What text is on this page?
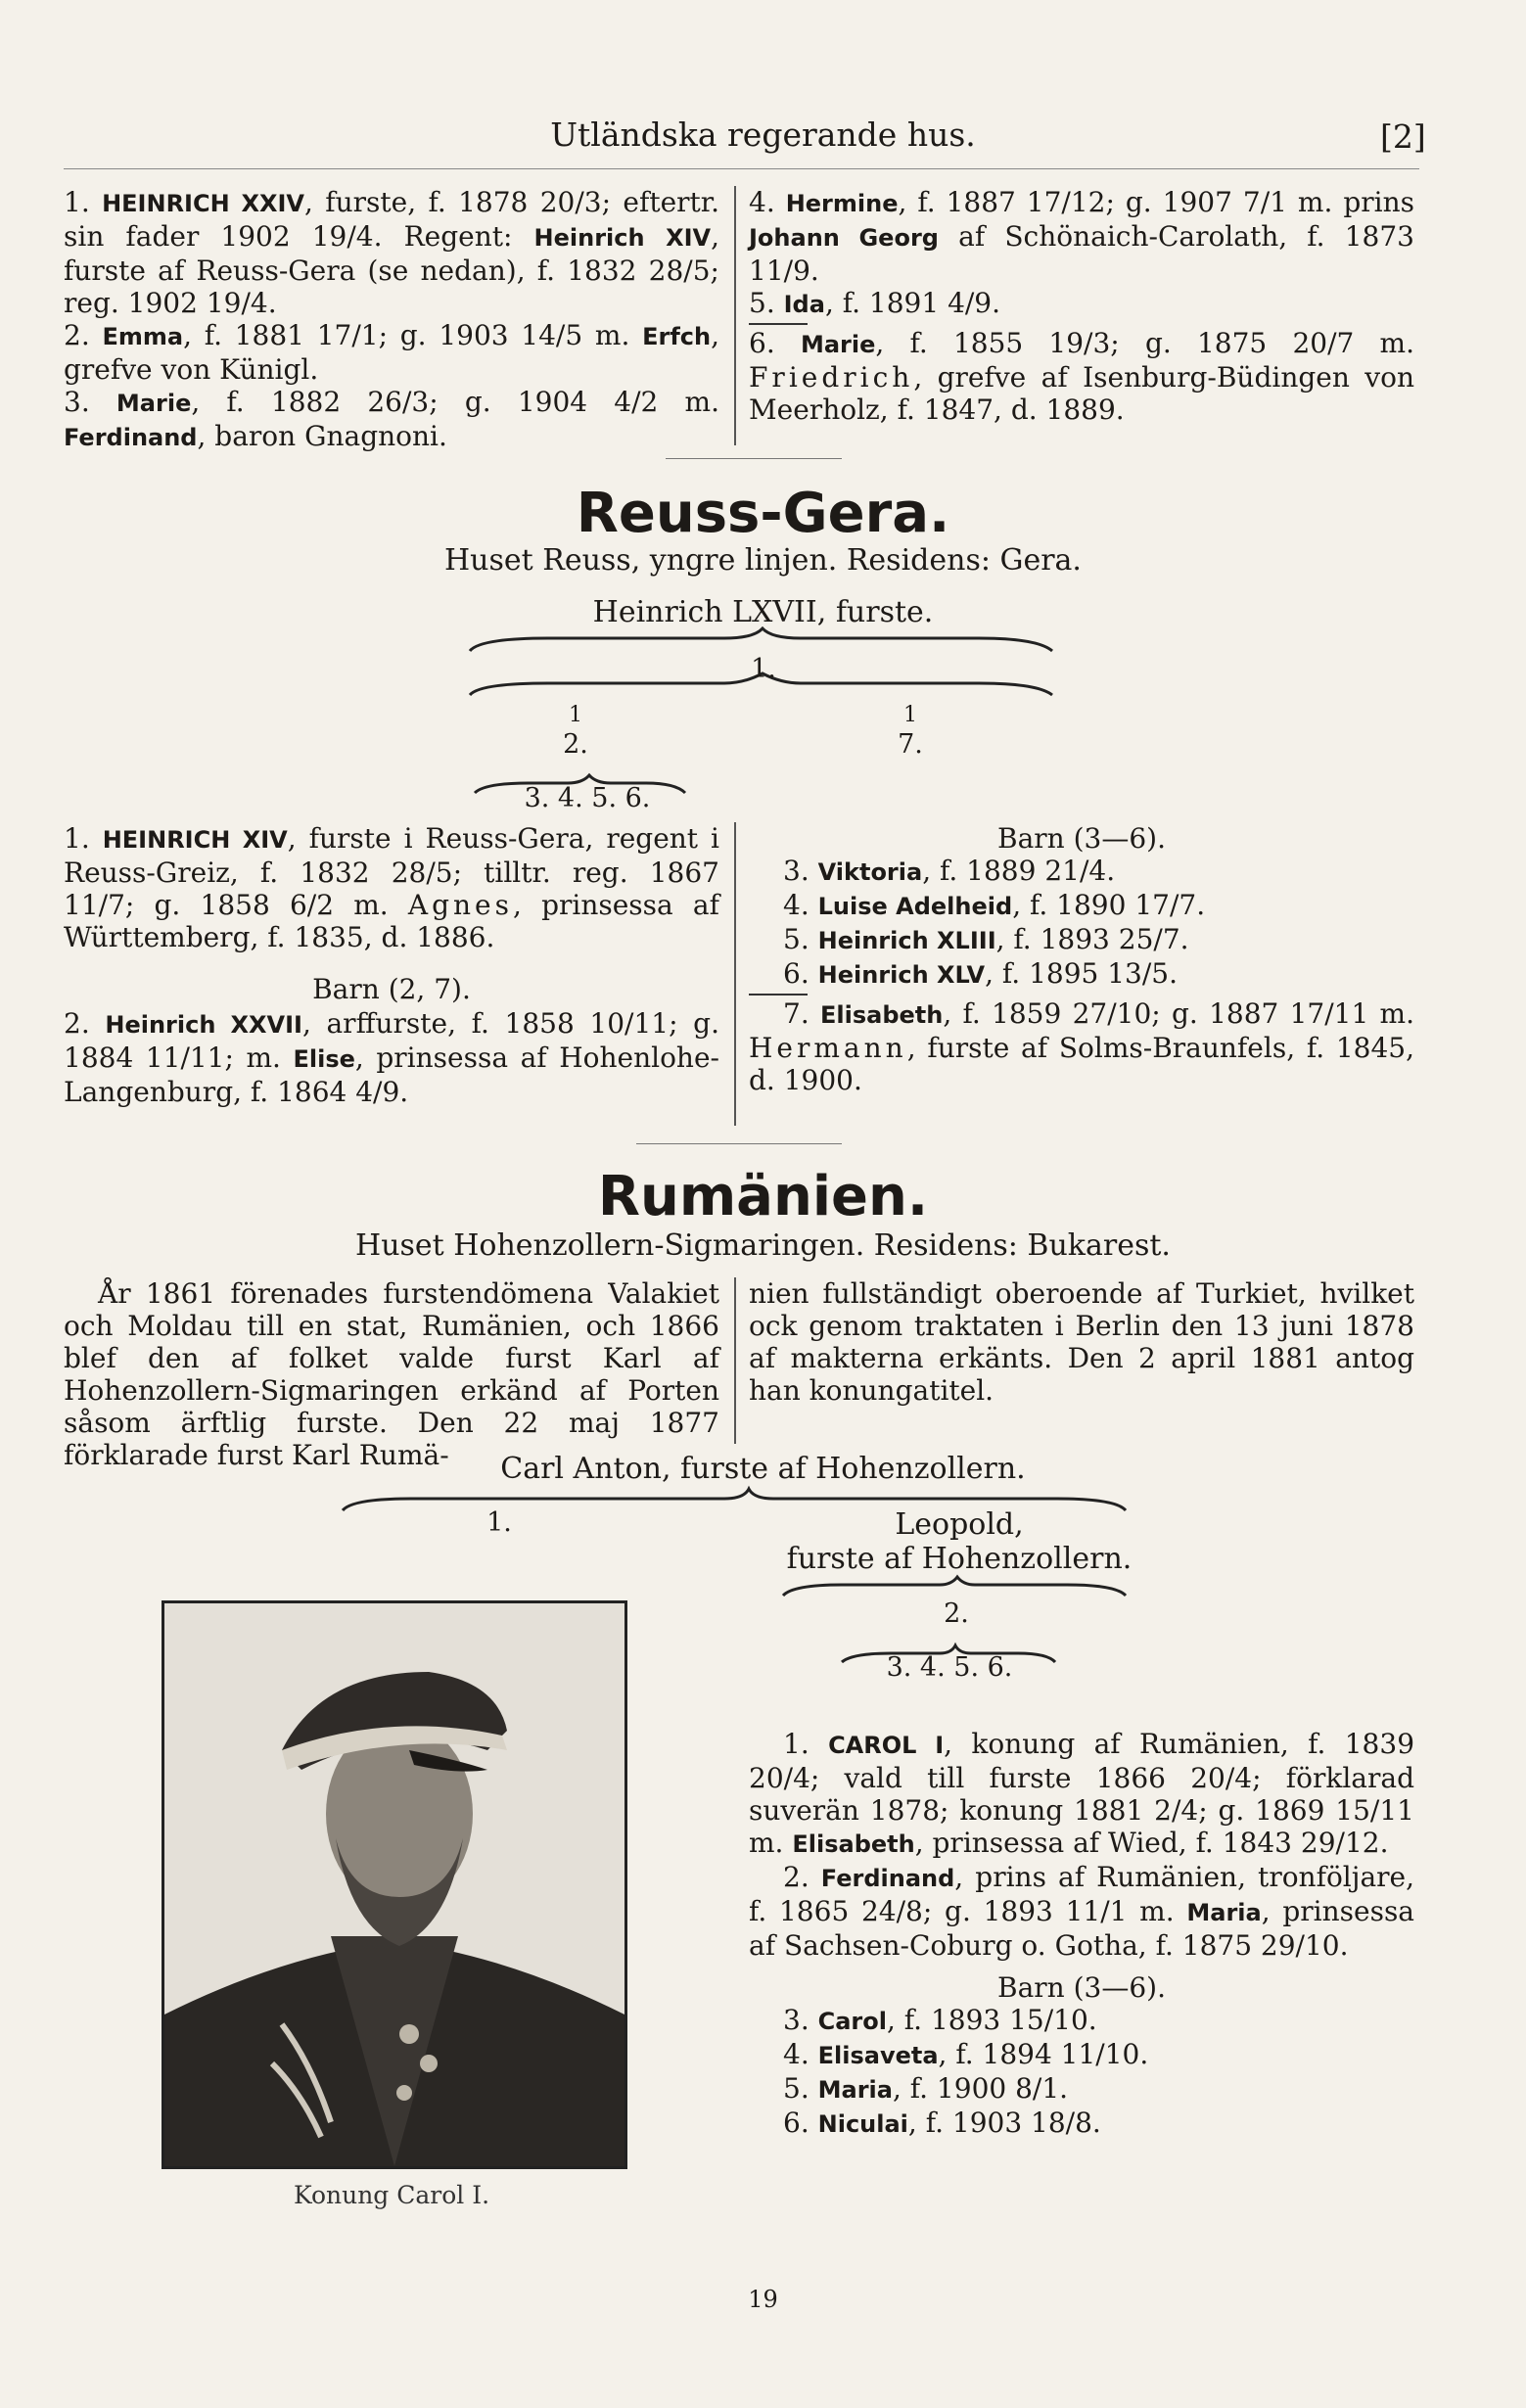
Utländska regerande hus.	[2]

1. HEINRICH XXIV, furste, f. 1878 20/3; eftertr. sin fader 1902 19/4. Regent: Heinrich XIV, furste af Reuss-Gera (se nedan), f. 1832 28/5; reg. 1902 19/4.

2. Emma, f. 1881 17/1; g. 1903 14/5 m. Erfch, grefve von Künigl.

3. Marie, f. 1882 26/3; g. 1904 4/2 m. Ferdinand, baron Gnagnoni.

4. Hermine, f. 1887 17/12; g. 1907 7/1 m. prins Johann Georg af Schönaich-Carolath, f. 1873 11/9.

5. Ida, f. 1891 4/9.

6. Marie, f. 1855 19/3; g. 1875 20/7 m. Friedrich, grefve af Isenburg-Büdingen von Meerholz, f. 1847, d. 1889.

Reuss-Gera.
Huset Reuss, yngre linjen. Residens: Gera.
Heinrich LXVII, furste.
1.
1
2.
1
7.
3. 4. 5. 6.

1. HEINRICH XIV, furste i Reuss-Gera, regent i Reuss-Greiz, f. 1832 28/5; tilltr. reg. 1867 11/7; g. 1858 6/2 m. Agnes, prinsessa af Württemberg, f. 1835, d. 1886.

Barn (2, 7).

2. Heinrich XXVII, arffurste, f. 1858 10/11; g. 1884 11/11; m. Elise, prinsessa af Hohenlohe-Langenburg, f. 1864 4/9.

Barn (3—6).

3. Viktoria, f. 1889 21/4.
4. Luise Adelheid, f. 1890 17/7.
5. Heinrich XLIII, f. 1893 25/7.
6. Heinrich XLV, f. 1895 13/5.

7. Elisabeth, f. 1859 27/10; g. 1887 17/11 m. Hermann, furste af Solms-Braunfels, f. 1845, d. 1900.

Rumänien.
Huset Hohenzollern-Sigmaringen. Residens: Bukarest.
År 1861 förenades furstendömena Valakiet och Moldau till en stat, Rumänien, och 1866 blef den af folket valde furst Karl af Hohenzollern-Sigmaringen erkänd af Porten såsom ärftlig furste. Den 22 maj 1877 förklarade furst Karl Rumä-
nien fullständigt oberoende af Turkiet, hvilket ock genom traktaten i Berlin den 13 juni 1878 af makterna erkänts. Den 2 april 1881 antog han konungatitel.
Carl Anton, furste af Hohenzollern.
1.	Leopold,
furste af Hohenzollern.
2.
3. 4. 5. 6.
Konung Carol I.

1. CAROL I, konung af Rumänien, f. 1839 20/4; vald till furste 1866 20/4; förklarad suverän 1878; konung 1881 2/4; g. 1869 15/11 m. Elisabeth, prinsessa af Wied, f. 1843 29/12.

2. Ferdinand, prins af Rumänien, tronföljare, f. 1865 24/8; g. 1893 11/1 m. Maria, prinsessa af Sachsen-Coburg o. Gotha, f. 1875 29/10.

Barn (3—6).

3. Carol, f. 1893 15/10.
4. Elisaveta, f. 1894 11/10.
5. Maria, f. 1900 8/1.
6. Niculai, f. 1903 18/8.
19
